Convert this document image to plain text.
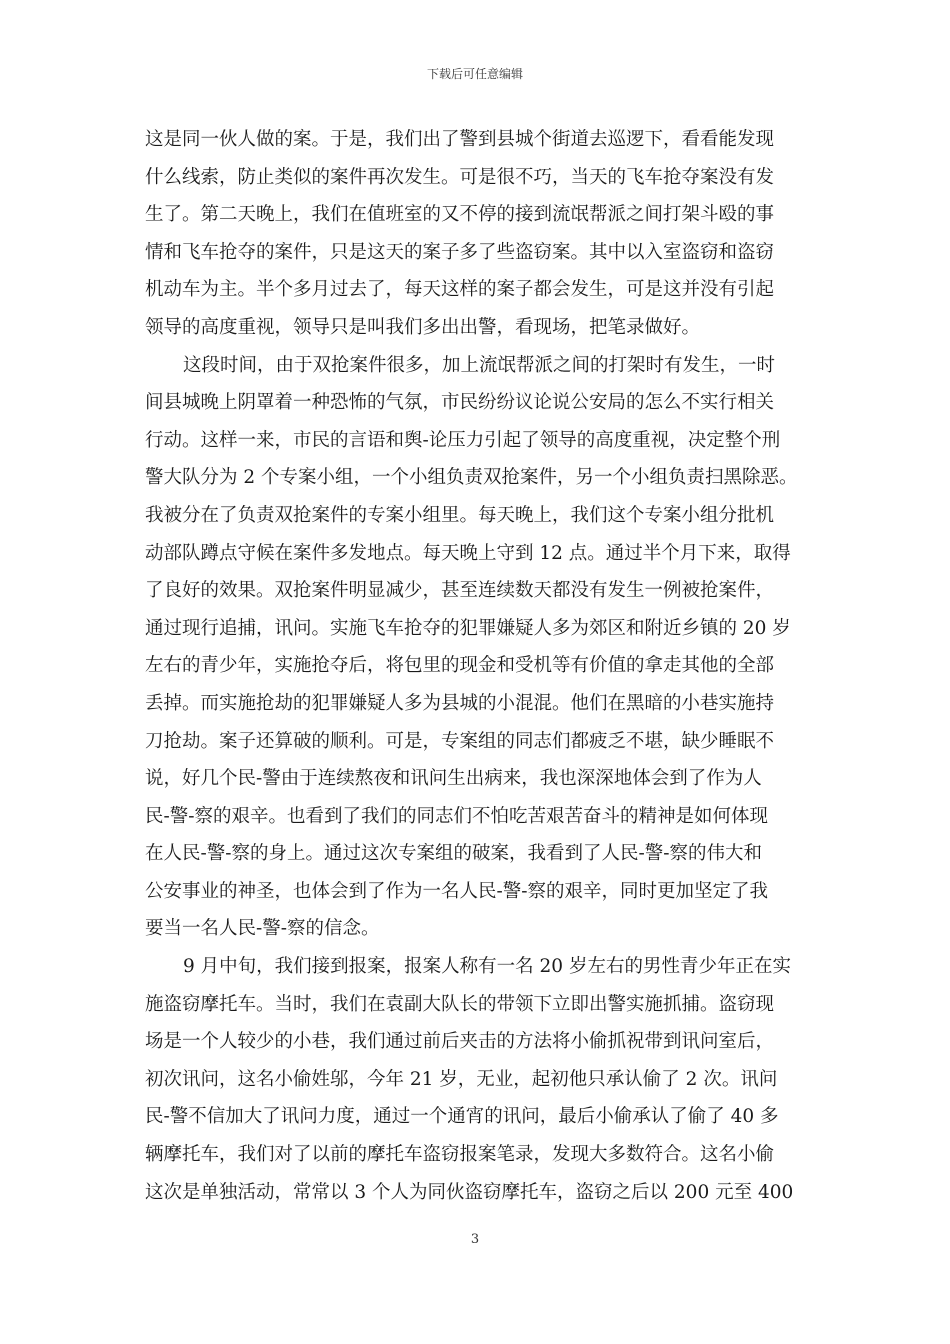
下载后可任意编辑

这是同一伙人做的案。于是，我们出了警到县城个街道去巡逻下，看看能发现
什么线索，防止类似的案件再次发生。可是很不巧，当天的飞车抢夺案没有发
生了。第二天晚上，我们在值班室的又不停的接到流氓帮派之间打架斗殴的事
情和飞车抢夺的案件，只是这天的案子多了些盗窃案。其中以入室盗窃和盗窃
机动车为主。半个多月过去了，每天这样的案子都会发生，可是这并没有引起
领导的高度重视，领导只是叫我们多出出警，看现场，把笔录做好。

这段时间，由于双抢案件很多，加上流氓帮派之间的打架时有发生，一时
间县城晚上阴罩着一种恐怖的气氛，市民纷纷议论说公安局的怎么不实行相关
行动。这样一来，市民的言语和舆-论压力引起了领导的高度重视，决定整个刑
警大队分为 2 个专案小组，一个小组负责双抢案件，另一个小组负责扫黑除恶。
我被分在了负责双抢案件的专案小组里。每天晚上，我们这个专案小组分批机
动部队蹲点守候在案件多发地点。每天晚上守到 12 点。通过半个月下来，取得
了良好的效果。双抢案件明显减少，甚至连续数天都没有发生一例被抢案件，
通过现行追捕，讯问。实施飞车抢夺的犯罪嫌疑人多为郊区和附近乡镇的 20 岁
左右的青少年，实施抢夺后，将包里的现金和受机等有价值的拿走其他的全部
丢掉。而实施抢劫的犯罪嫌疑人多为县城的小混混。他们在黑暗的小巷实施持
刀抢劫。案子还算破的顺利。可是，专案组的同志们都疲乏不堪，缺少睡眠不
说，好几个民-警由于连续熬夜和讯问生出病来，我也深深地体会到了作为人
民-警-察的艰辛。也看到了我们的同志们不怕吃苦艰苦奋斗的精神是如何体现
在人民-警-察的身上。通过这次专案组的破案，我看到了人民-警-察的伟大和
公安事业的神圣，也体会到了作为一名人民-警-察的艰辛，同时更加坚定了我
要当一名人民-警-察的信念。

9 月中旬，我们接到报案，报案人称有一名 20 岁左右的男性青少年正在实
施盗窃摩托车。当时，我们在袁副大队长的带领下立即出警实施抓捕。盗窃现
场是一个人较少的小巷，我们通过前后夹击的方法将小偷抓祝带到讯问室后，
初次讯问，这名小偷姓邬，今年 21 岁，无业，起初他只承认偷了 2 次。讯问
民-警不信加大了讯问力度，通过一个通宵的讯问，最后小偷承认了偷了 40 多
辆摩托车，我们对了以前的摩托车盗窃报案笔录，发现大多数符合。这名小偷
这次是单独活动，常常以 3 个人为同伙盗窃摩托车，盗窃之后以 200 元至 400

3
